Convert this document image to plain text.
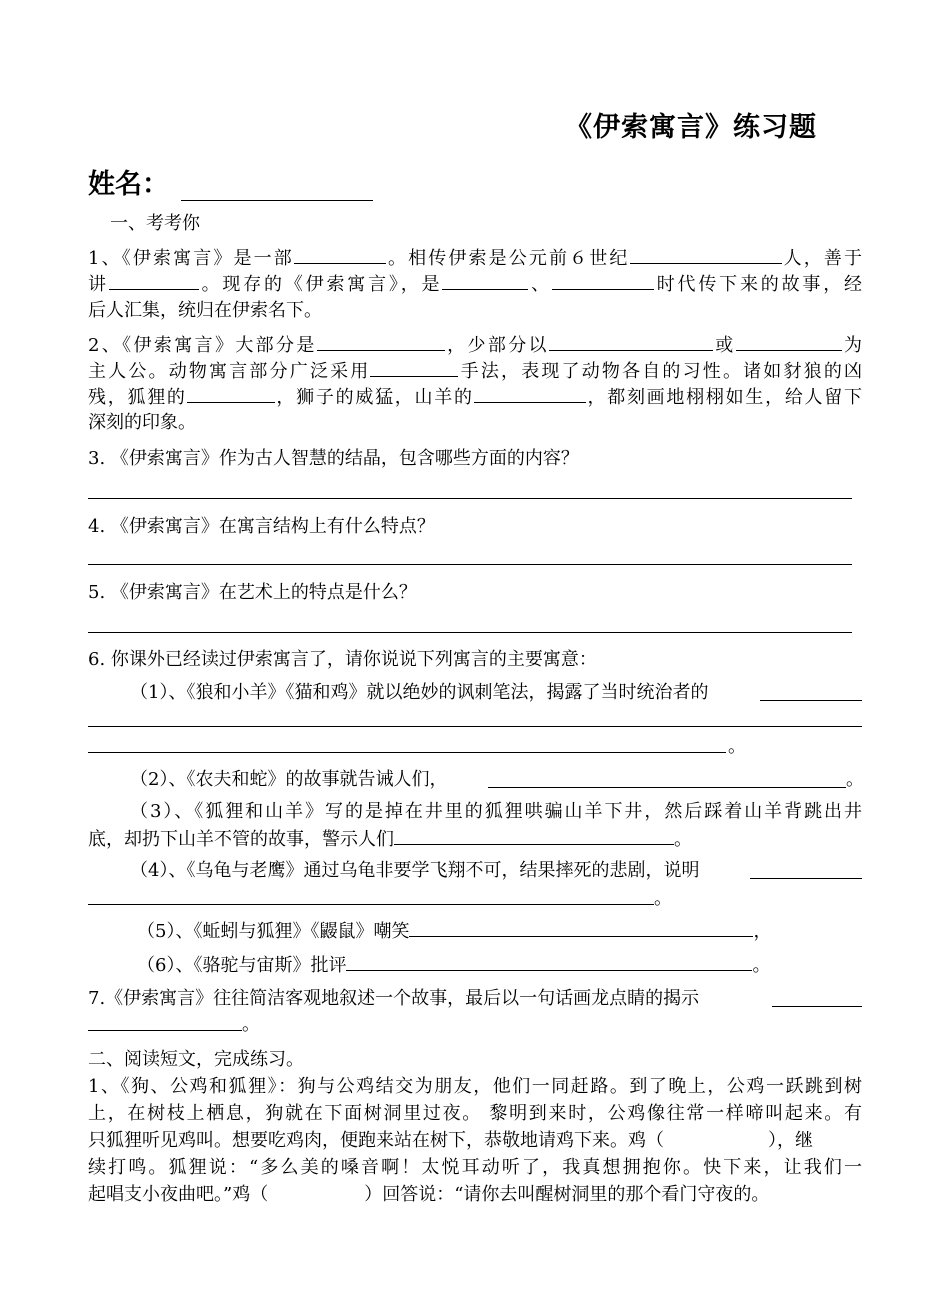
《伊索寓言》练习题
姓名：
一、考考你
1、《伊索寓言》是一部	。相传伊索是公元前６世纪	人，善于
讲	。现存的《伊索寓言》，是	、	时代传下来的故事，经
后人汇集，统归在伊索名下。
2、《伊索寓言》大部分是	，少部分以	或	为
主人公。动物寓言部分广泛采用	手法，表现了动物各自的习性。诸如豺狼的凶
残，狐狸的	，狮子的威猛，山羊的	，都刻画地栩栩如生，给人留下
深刻的印象。
3. 《伊索寓言》作为古人智慧的结晶，包含哪些方面的内容？
4. 《伊索寓言》在寓言结构上有什么特点？
5. 《伊索寓言》在艺术上的特点是什么？
6. 你课外已经读过伊索寓言了，请你说说下列寓言的主要寓意：
（1）、《狼和小羊》《猫和鸡》就以绝妙的讽刺笔法，揭露了当时统治者的
。
（2）、《农夫和蛇》的故事就告诫人们，	。
（3）、《狐狸和山羊》写的是掉在井里的狐狸哄骗山羊下井，然后踩着山羊背跳出井
底，却扔下山羊不管的故事，警示人们	。
（4）、《乌龟与老鹰》通过乌龟非要学飞翔不可，结果摔死的悲剧，说明
。
（5）、《蚯蚓与狐狸》《鼹鼠》嘲笑	，
（6）、《骆驼与宙斯》批评	。
7.《伊索寓言》往往简洁客观地叙述一个故事，最后以一句话画龙点睛的揭示
。
二、阅读短文，完成练习。
1、《狗、公鸡和狐狸》：狗与公鸡结交为朋友，他们一同赶路。到了晚上，公鸡一跃跳到树
上，在树枝上栖息，狗就在下面树洞里过夜。 黎明到来时，公鸡像往常一样啼叫起来。有
只狐狸听见鸡叫。想要吃鸡肉，便跑来站在树下，恭敬地请鸡下来。鸡（	），继
续打鸣。狐狸说：“多么美的嗓音啊！太悦耳动听了，我真想拥抱你。快下来，让我们一
起唱支小夜曲吧。”鸡（	）回答说：“请你去叫醒树洞里的那个看门守夜的。
